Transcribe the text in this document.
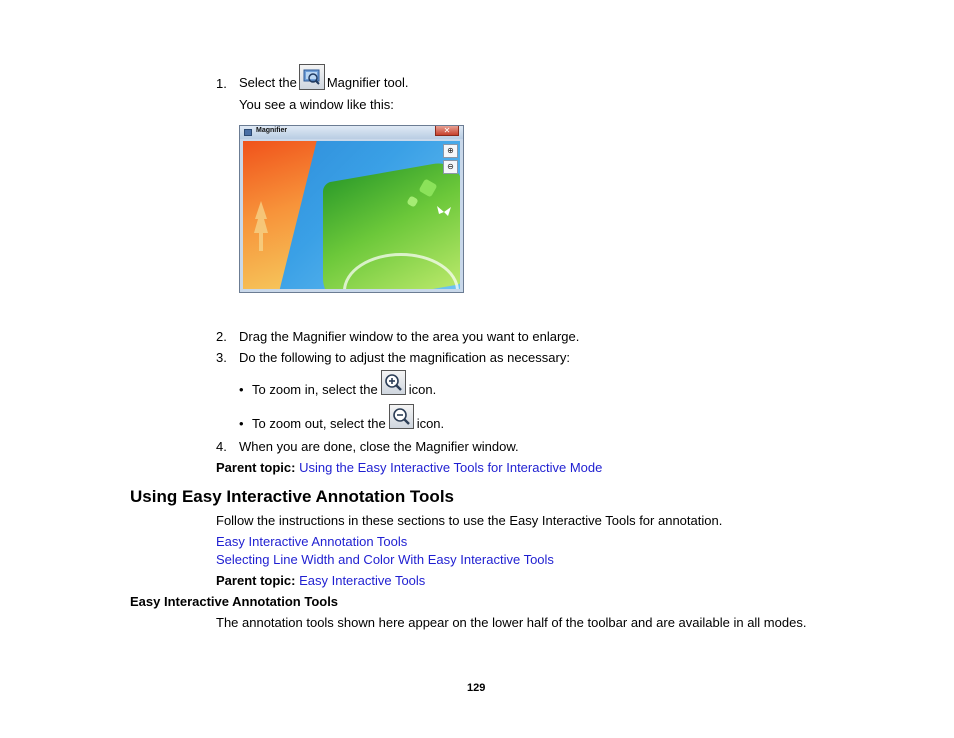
1. Select the Magnifier tool.
You see a window like this:
Magnifier	✕
⊕
⊖
2. Drag the Magnifier window to the area you want to enlarge.
3. Do the following to adjust the magnification as necessary:
• To zoom in, select the icon.
• To zoom out, select the icon.
4. When you are done, close the Magnifier window.
Parent topic: Using the Easy Interactive Tools for Interactive Mode
Using Easy Interactive Annotation Tools
Follow the instructions in these sections to use the Easy Interactive Tools for annotation.
Easy Interactive Annotation Tools
Selecting Line Width and Color With Easy Interactive Tools
Parent topic: Easy Interactive Tools
Easy Interactive Annotation Tools
The annotation tools shown here appear on the lower half of the toolbar and are available in all modes.
129
